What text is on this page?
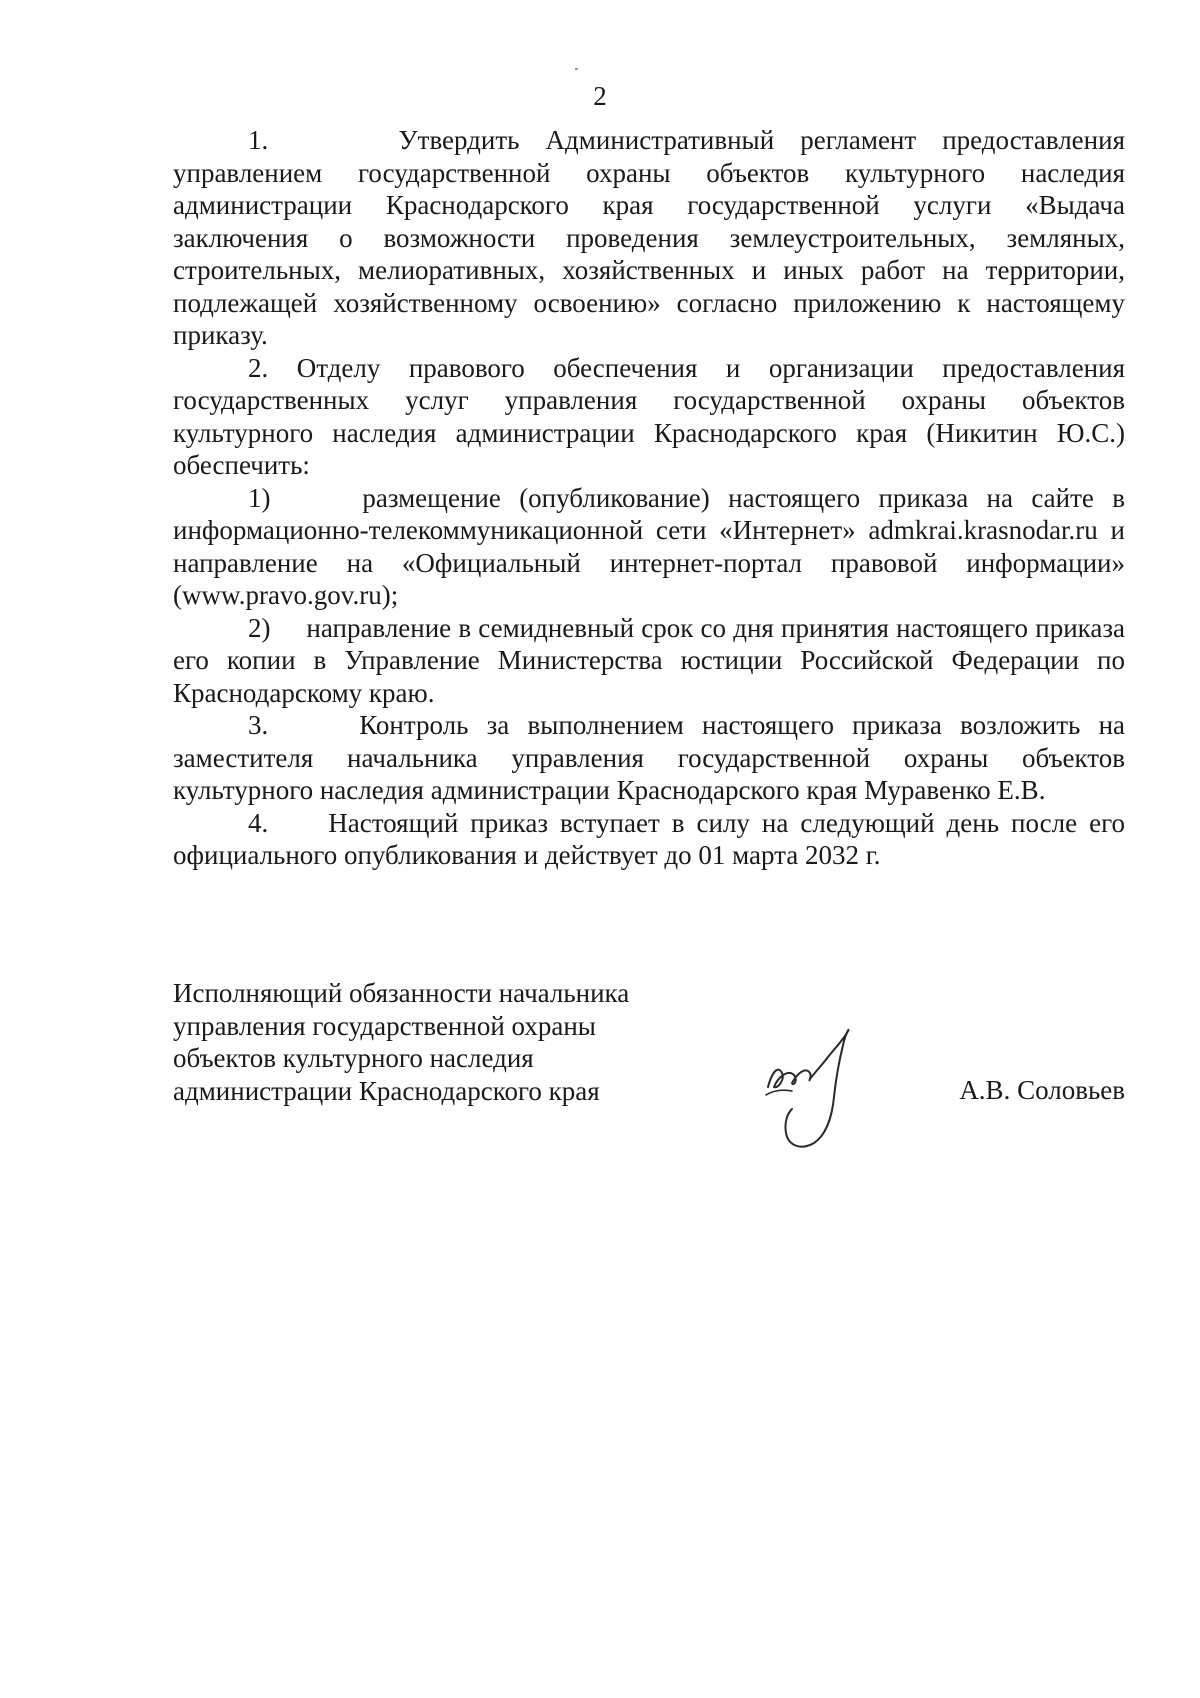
2

1.     Утвердить Административный регламент предоставления управлением государственной охраны объектов культурного наследия администрации Краснодарского края государственной услуги «Выдача заключения о возможности проведения землеустроительных, земляных, строительных, мелиоративных, хозяйственных и иных работ на территории, подлежащей хозяйственному освоению» согласно приложению к настоящему приказу.

2. Отделу правового обеспечения и организации предоставления государственных услуг управления государственной охраны объектов культурного наследия администрации Краснодарского края (Никитин Ю.С.) обеспечить:

1)     размещение (опубликование) настоящего приказа на сайте в информационно-телекоммуникационной сети «Интернет» admkrai.krasnodar.ru и направление на «Официальный интернет-портал правовой информации» (www.pravo.gov.ru);

2)     направление в семидневный срок со дня принятия настоящего приказа его копии в Управление Министерства юстиции Российской Федерации по Краснодарскому краю.

3.     Контроль за выполнением настоящего приказа возложить на заместителя начальника управления государственной охраны объектов культурного наследия администрации Краснодарского края Муравенко Е.В.

4.     Настоящий приказ вступает в силу на следующий день после его официального опубликования и действует до 01 марта 2032 г.

Исполняющий обязанности начальника
управления государственной охраны
объектов культурного наследия
администрации Краснодарского края	А.В. Соловьев
